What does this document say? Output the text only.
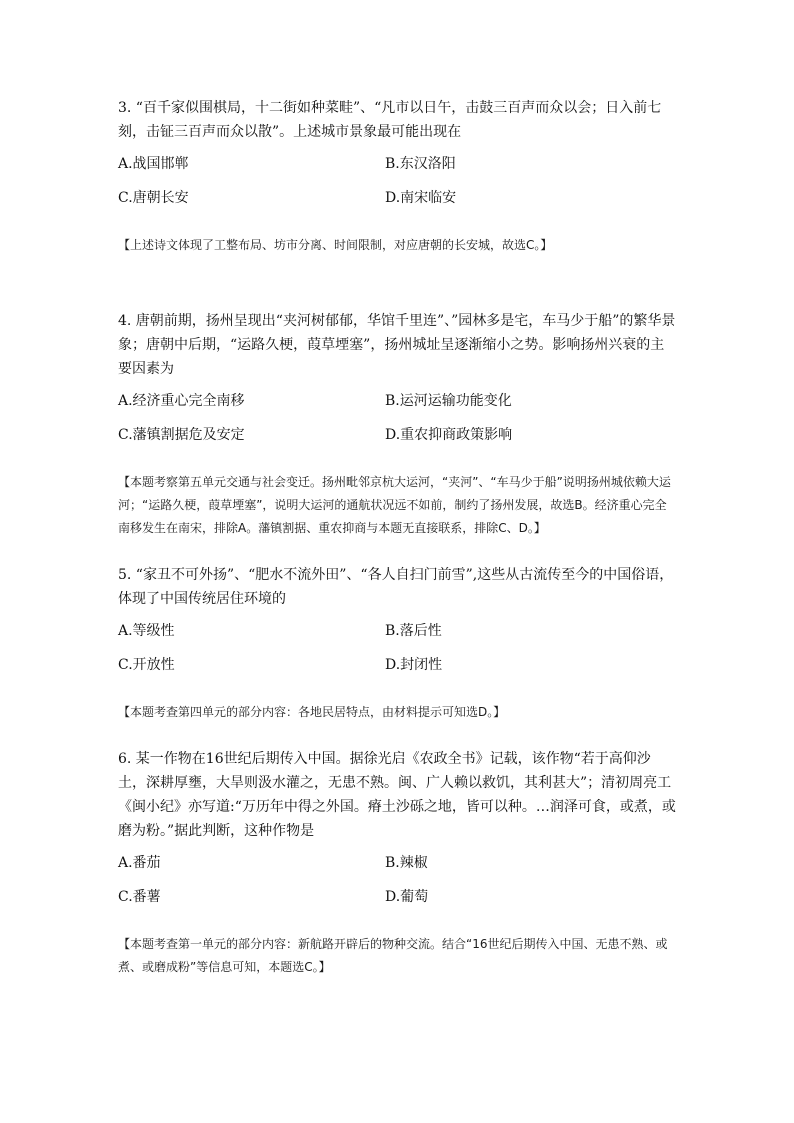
3. “百千家似围棋局，十二街如种菜畦”、“凡市以日午，击鼓三百声而众以会；日入前七刻，击钲三百声而众以散”。上述城市景象最可能出现在

A.战国邯郸	B.东汉洛阳
C.唐朝长安	D.南宋临安

【上述诗文体现了工整布局、坊市分离、时间限制，对应唐朝的长安城，故选C。】

4. 唐朝前期，扬州呈现出“夹河树郁郁，华馆千里连”、”园林多是宅，车马少于船”的繁华景象；唐朝中后期，“运路久梗，葭草堙塞”，扬州城址呈逐渐缩小之势。影响扬州兴衰的主要因素为

A.经济重心完全南移	B.运河运输功能变化
C.藩镇割据危及安定	D.重农抑商政策影响

【本题考察第五单元交通与社会变迁。扬州毗邻京杭大运河，“夹河”、“车马少于船”说明扬州城依赖大运河；“运路久梗，葭草堙塞”，说明大运河的通航状况远不如前，制约了扬州发展，故选B。经济重心完全南移发生在南宋，排除A。藩镇割据、重农抑商与本题无直接联系，排除C、D。】

5. “家丑不可外扬”、“肥水不流外田”、“各人自扫门前雪”,这些从古流传至今的中国俗语，体现了中国传统居住环境的

A.等级性	B.落后性
C.开放性	D.封闭性

【本题考查第四单元的部分内容：各地民居特点，由材料提示可知选D。】

6. 某一作物在16世纪后期传入中国。据徐光启《农政全书》记载，该作物“若于高仰沙土，深耕厚壅，大旱则汲水灌之，无患不熟。闽、广人赖以救饥，其利甚大”；清初周亮工《闽小纪》亦写道:“万历年中得之外国。瘠土沙砾之地，皆可以种。…润泽可食，或煮，或磨为粉。”据此判断，这种作物是

A.番茄	B.辣椒
C.番薯	D.葡萄

【本题考查第一单元的部分内容：新航路开辟后的物种交流。结合“16世纪后期传入中国、无患不熟、或煮、或磨成粉”等信息可知，本题选C。】
